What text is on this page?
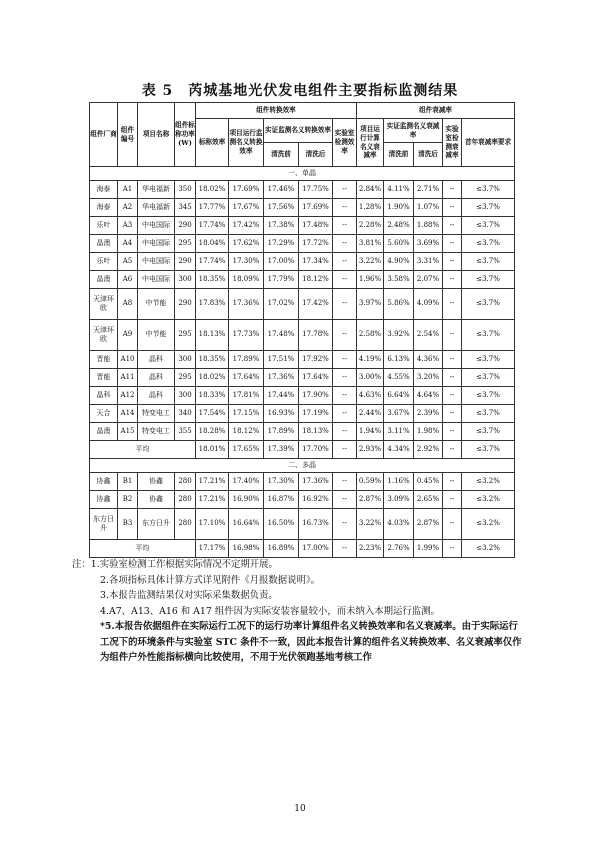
表 5　芮城基地光伏发电组件主要指标监测结果
组件厂商	组件编号	项目名称	组件标称功率(W)	组件转换效率					组件衰减率				
				标称效率	项目运行监测名义转换效率	实证监测名义转换效率		实验室检测效率	项目运行计算名义衰减率	实证监测名义衰减率		实验室检测衰减率	首年衰减率要求
						清洗前	清洗后			清洗前	清洗后		
一、单晶													
海泰	A1	华电福新	350	18.02%	17.69%	17.46%	17.75%	--	2.84%	4.11%	2.71%	--	≤3.7%
海泰	A2	华电福新	345	17.77%	17.67%	17.56%	17.69%	--	1.28%	1.90%	1.07%	--	≤3.7%
乐叶	A3	中电国际	290	17.74%	17.42%	17.38%	17.48%	--	2.28%	2.48%	1.88%	--	≤3.7%
晶澳	A4	中电国际	295	18.04%	17.62%	17.29%	17.72%	--	3.81%	5.60%	3.69%	--	≤3.7%
乐叶	A5	中电国际	290	17.74%	17.30%	17.00%	17.34%	--	3.22%	4.90%	3.31%	--	≤3.7%
晶澳	A6	中电国际	300	18.35%	18.09%	17.79%	18.12%	--	1.96%	3.58%	2.07%	--	≤3.7%
天津环欧	A8	中节能	290	17.83%	17.36%	17.02%	17.42%	--	3.97%	5.86%	4.09%	--	≤3.7%
天津环欧	A9	中节能	295	18.13%	17.73%	17.48%	17.78%	--	2.58%	3.92%	2.54%	--	≤3.7%
晋能	A10	晶科	300	18.35%	17.89%	17.51%	17.92%	--	4.19%	6.13%	4.36%	--	≤3.7%
晋能	A11	晶科	295	18.02%	17.64%	17.36%	17.64%	--	3.00%	4.55%	3.20%	--	≤3.7%
晶科	A12	晶科	300	18.33%	17.81%	17.44%	17.90%	--	4.63%	6.64%	4.64%	--	≤3.7%
天合	A14	特变电工	340	17.54%	17.15%	16.93%	17.19%	--	2.44%	3.67%	2.39%	--	≤3.7%
晶澳	A15	特变电工	355	18.28%	18.12%	17.89%	18.13%	--	1.94%	3.11%	1.98%	--	≤3.7%
平均				18.01%	17.65%	17.39%	17.70%	--	2.93%	4.34%	2.92%	--	≤3.7%
二、多晶													
协鑫	B1	协鑫	280	17.21%	17.40%	17.30%	17.36%	--	0.59%	1.16%	0.45%	--	≤3.2%
协鑫	B2	协鑫	280	17.21%	16.90%	16.87%	16.92%	--	2.87%	3.09%	2.65%	--	≤3.2%
东方日升	B3	东方日升	280	17.10%	16.64%	16.50%	16.73%	--	3.22%	4.03%	2.87%	--	≤3.2%
平均				17.17%	16.98%	16.89%	17.00%	--	2.23%	2.76%	1.99%	--	≤3.2%
注：1.实验室检测工作根据实际情况不定期开展。
2.各项指标具体计算方式详见附件《月报数据说明》。
3.本报告监测结果仅对实际采集数据负责。
4.A7、A13、A16 和 A17 组件因为实际安装容量较小，而未纳入本期运行监测。
*5.本报告依据组件在实际运行工况下的运行功率计算组件名义转换效率和名义衰减率。由于实际运行工况下的环境条件与实验室 STC 条件不一致，因此本报告计算的组件名义转换效率、名义衰减率仅作为组件户外性能指标横向比较使用，不用于光伏领跑基地考核工作
10
